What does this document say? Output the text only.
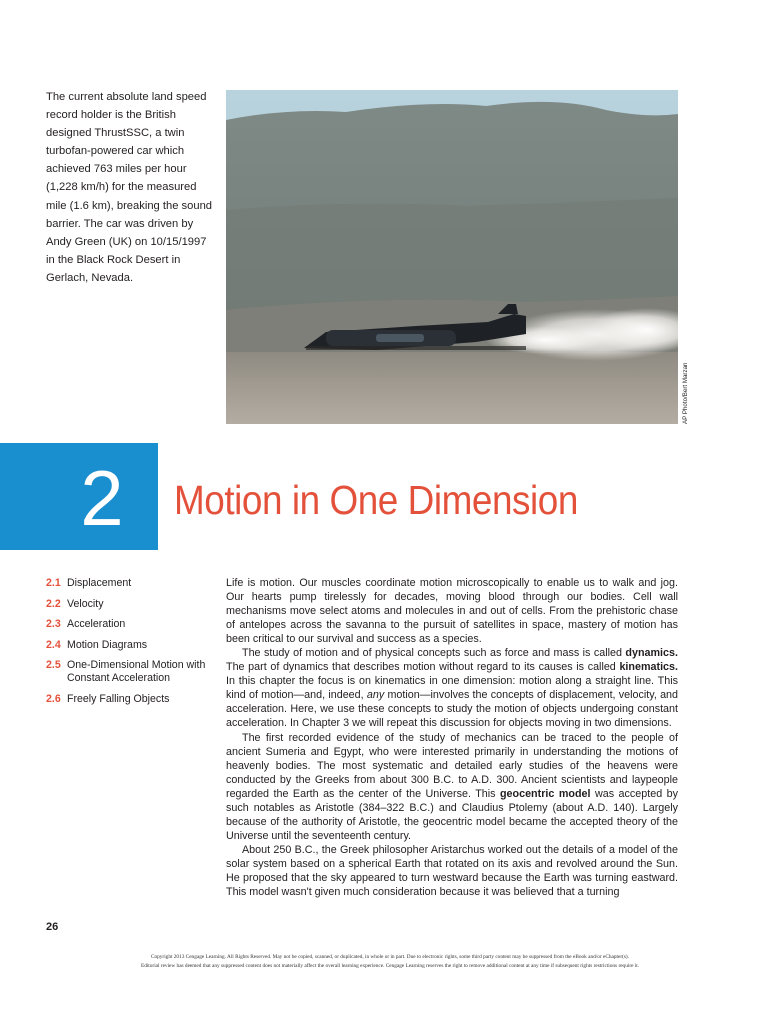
The current absolute land speed record holder is the British designed ThrustSSC, a twin turbofan-powered car which achieved 763 miles per hour (1,228 km/h) for the measured mile (1.6 km), breaking the sound barrier. The car was driven by Andy Green (UK) on 10/15/1997 in the Black Rock Desert in Gerlach, Nevada.
AP Photo/Bert Marzan
2 Motion in One Dimension
2.1 Displacement
2.2 Velocity
2.3 Acceleration
2.4 Motion Diagrams
2.5 One-Dimensional Motion with Constant Acceleration
2.6 Freely Falling Objects

Life is motion. Our muscles coordinate motion microscopically to enable us to walk and jog. Our hearts pump tirelessly for decades, moving blood through our bodies. Cell wall mechanisms move select atoms and molecules in and out of cells. From the prehistoric chase of antelopes across the savanna to the pursuit of satellites in space, mastery of motion has been critical to our survival and success as a species.

The study of motion and of physical concepts such as force and mass is called dynamics. The part of dynamics that describes motion without regard to its causes is called kinematics. In this chapter the focus is on kinematics in one dimension: motion along a straight line. This kind of motion—and, indeed, any motion—involves the concepts of displacement, velocity, and acceleration. Here, we use these concepts to study the motion of objects undergoing constant acceleration. In Chapter 3 we will repeat this discussion for objects moving in two dimensions.

The first recorded evidence of the study of mechanics can be traced to the people of ancient Sumeria and Egypt, who were interested primarily in understanding the motions of heavenly bodies. The most systematic and detailed early studies of the heavens were conducted by the Greeks from about 300 B.C. to A.D. 300. Ancient scientists and laypeople regarded the Earth as the center of the Universe. This geocentric model was accepted by such notables as Aristotle (384–322 B.C.) and Claudius Ptolemy (about A.D. 140). Largely because of the authority of Aristotle, the geocentric model became the accepted theory of the Universe until the seventeenth century.

About 250 B.C., the Greek philosopher Aristarchus worked out the details of a model of the solar system based on a spherical Earth that rotated on its axis and revolved around the Sun. He proposed that the sky appeared to turn westward because the Earth was turning eastward. This model wasn't given much consideration because it was believed that a turning

26
Copyright 2013 Cengage Learning. All Rights Reserved. May not be copied, scanned, or duplicated, in whole or in part. Due to electronic rights, some third party content may be suppressed from the eBook and/or eChapter(s).
Editorial review has deemed that any suppressed content does not materially affect the overall learning experience. Cengage Learning reserves the right to remove additional content at any time if subsequent rights restrictions require it.
